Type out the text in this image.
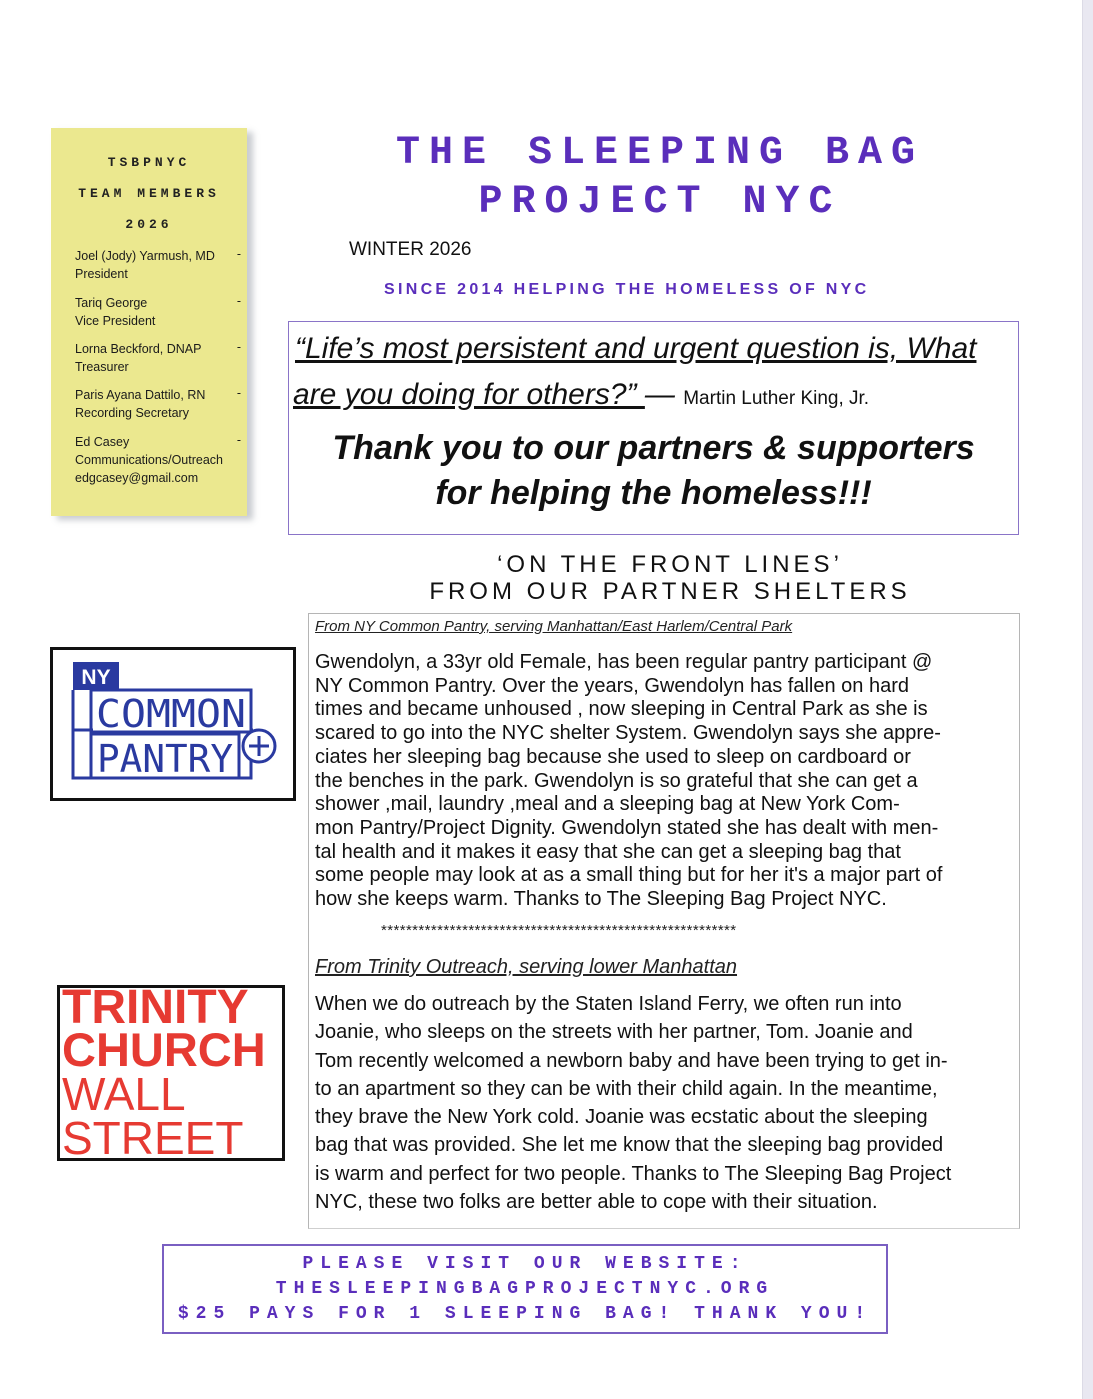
TSBPNYC
TEAM MEMBERS
2026
Joel (Jody) Yarmush, MD
President
-
Tariq George
Vice President
-
Lorna Beckford, DNAP
Treasurer
-
Paris Ayana Dattilo, RN
Recording Secretary
-
Ed Casey
Communications/Outreach
edgcasey@gmail.com
-
THE SLEEPING BAG
PROJECT NYC
WINTER 2026
SINCE 2014 HELPING THE HOMELESS OF NYC
“Life’s most persistent and urgent question is, What
are you doing for others?” — Martin Luther King, Jr.
Thank you to our partners & supporters
for helping the homeless!!!
‘ON THE FRONT LINES’
FROM OUR PARTNER SHELTERS
From NY Common Pantry, serving Manhattan/East Harlem/Central Park
Gwendolyn, a 33yr old Female, has been regular pantry participant @
NY Common Pantry. Over the years, Gwendolyn has fallen on hard
times and became unhoused , now sleeping in Central Park as she is
scared to go into the NYC shelter System. Gwendolyn says she appre-
ciates her sleeping bag because she used to sleep on cardboard or
the benches in the park. Gwendolyn is so grateful that she can get a
shower ,mail, laundry ,meal and a sleeping bag at New York Com-
mon Pantry/Project Dignity. Gwendolyn stated she has dealt with men-
tal health and it makes it easy that she can get a sleeping bag that
some people may look at as a small thing but for her it's a major part of
how she keeps warm. Thanks to The Sleeping Bag Project NYC.
*********************************************************
From Trinity Outreach, serving lower Manhattan
When we do outreach by the Staten Island Ferry, we often run into
Joanie, who sleeps on the streets with her partner, Tom. Joanie and
Tom recently welcomed a newborn baby and have been trying to get in-
to an apartment so they can be with their child again. In the meantime,
they brave the New York cold. Joanie was ecstatic about the sleeping
bag that was provided. She let me know that the sleeping bag provided
is warm and perfect for two people. Thanks to The Sleeping Bag Project
NYC, these two folks are better able to cope with their situation.
NY
COMMON
PANTRY
TRINITY
CHURCH
WALL
STREET
PLEASE VISIT OUR WEBSITE:
THESLEEPINGBAGPROJECTNYC.ORG
$25 PAYS FOR 1 SLEEPING BAG! THANK YOU!
